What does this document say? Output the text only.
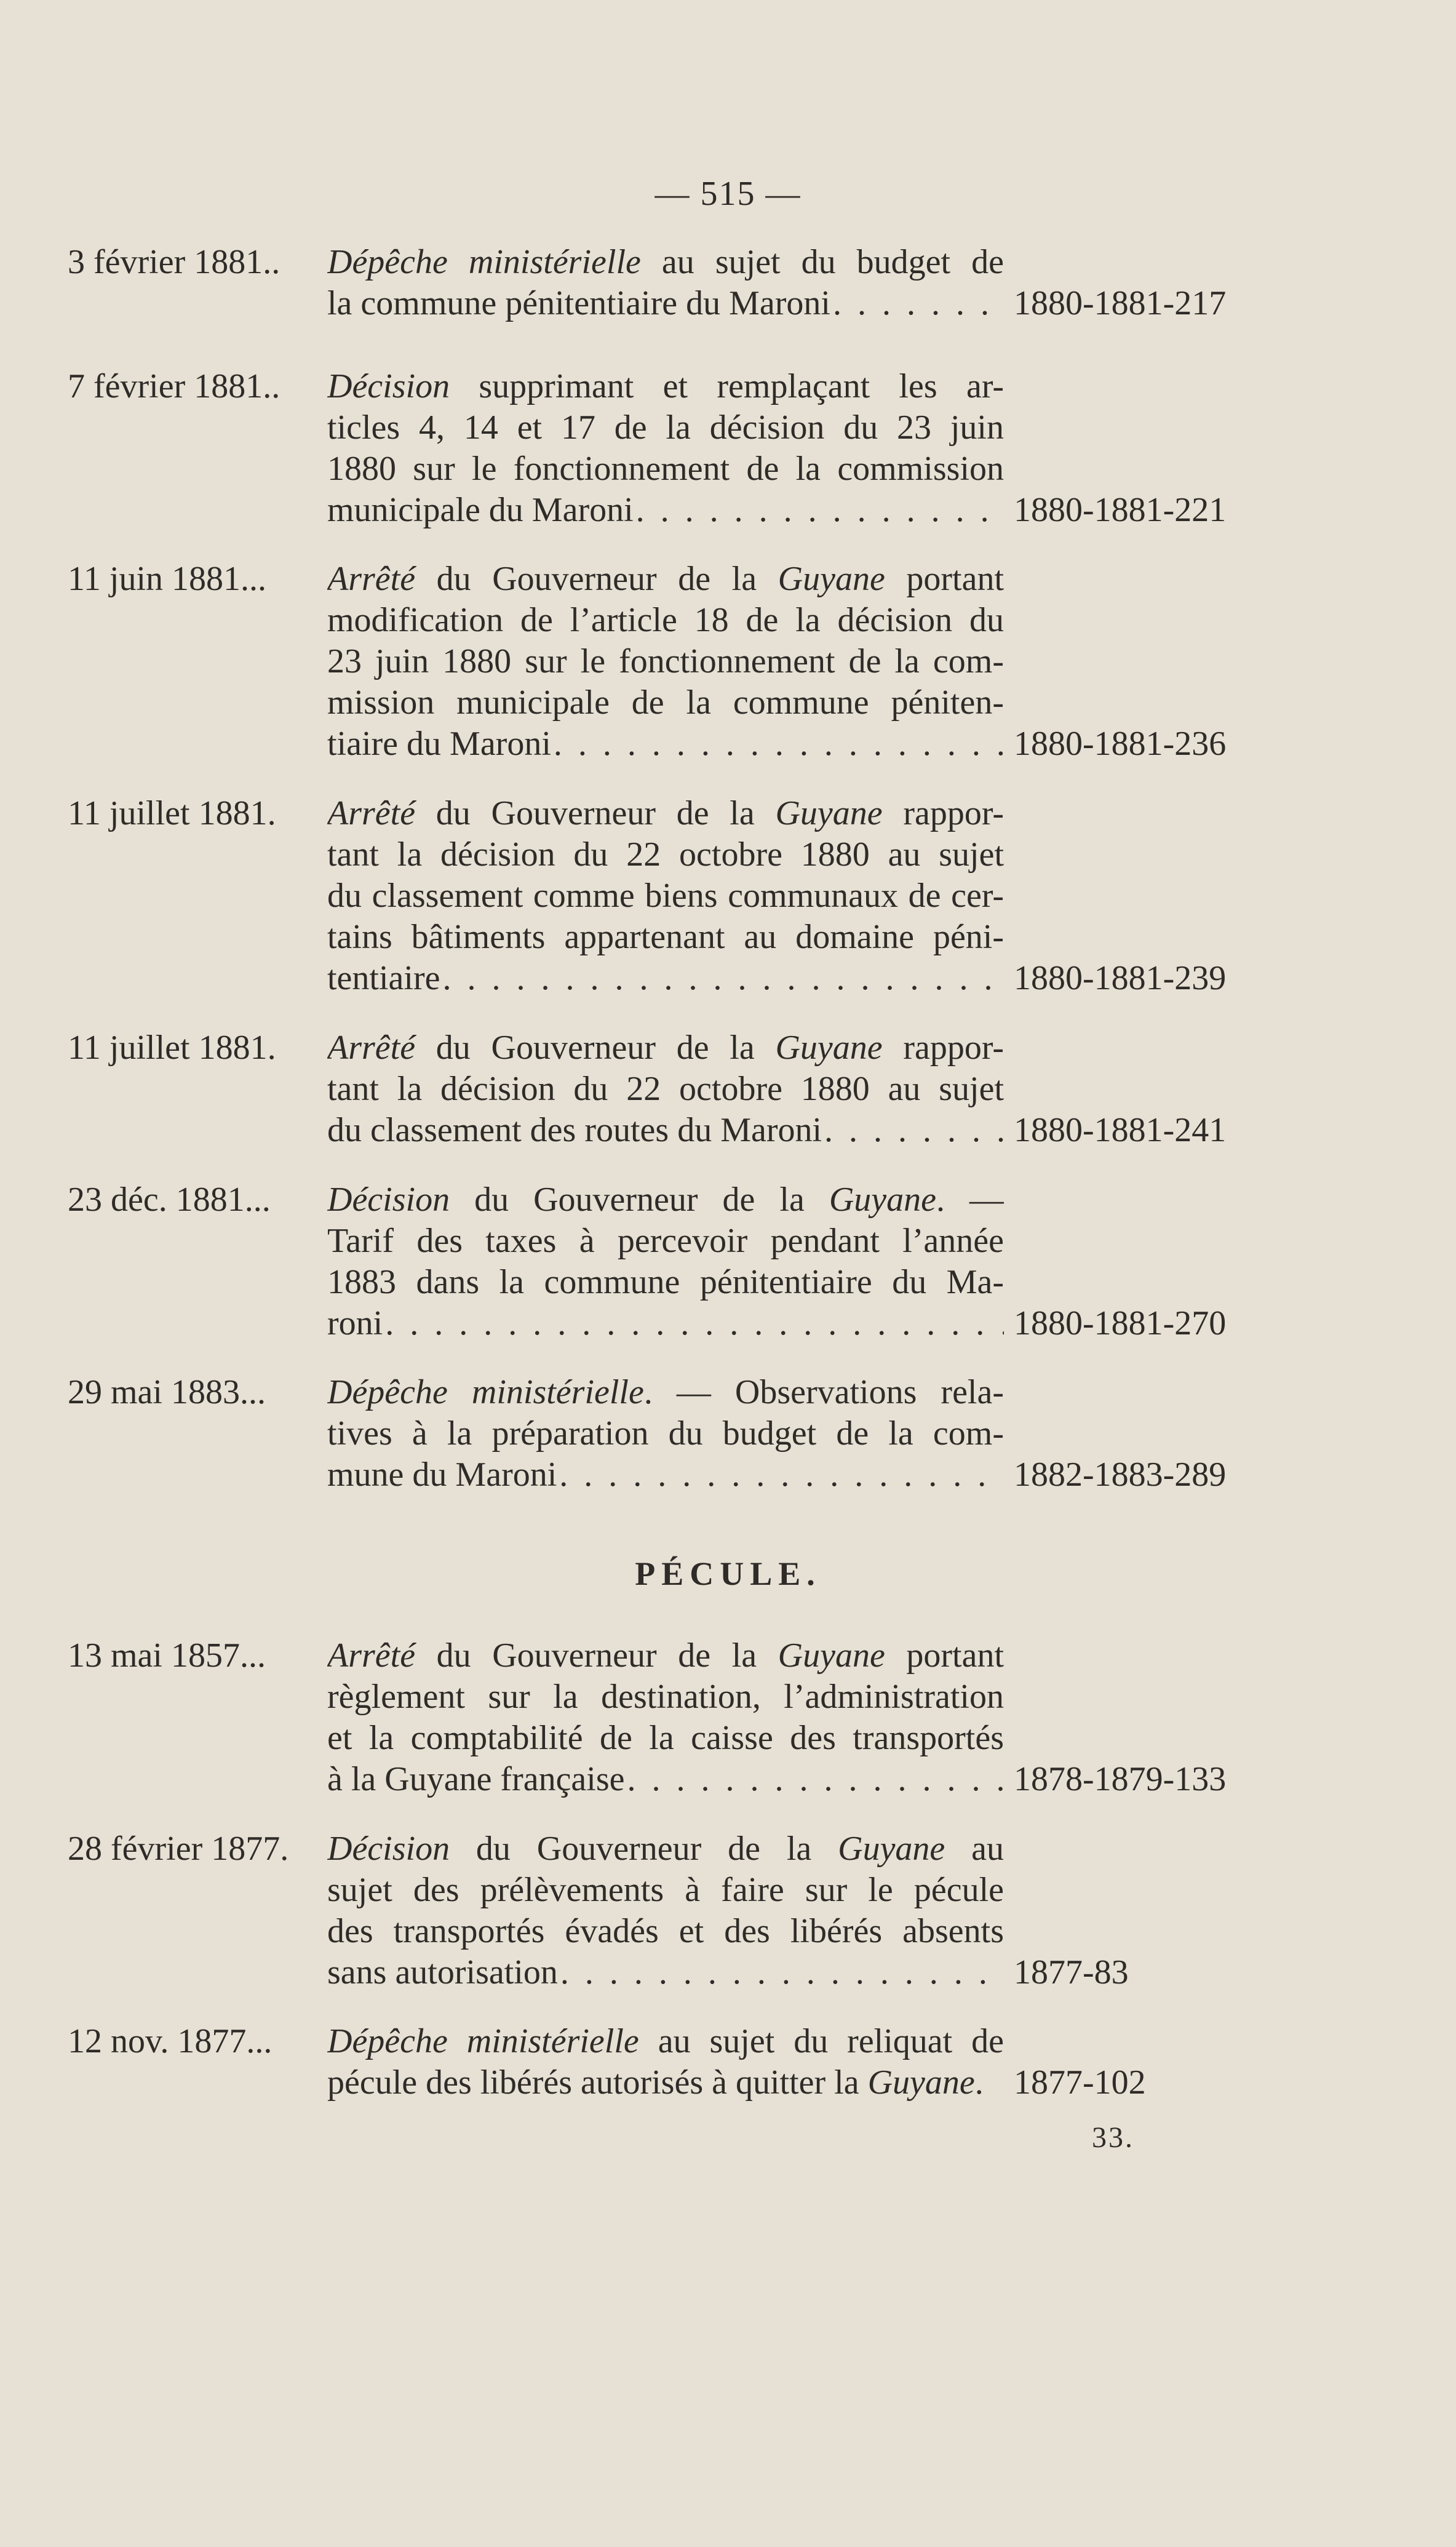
— 515 —
PÉCULE.
3 février 1881.. Dépêche ministérielle au sujet du budget de
la commune pénitentiaire du Maroni . . .	1880-1881-217
7 février 1881.. Décision supprimant et remplaçant les ar-
ticles 4, 14 et 17 de la décision du 23 juin
1880 sur le fonctionnement de la commission
municipale du Maroni . . .	1880-1881-221
11 juin 1881... Arrêté du Gouverneur de la Guyane portant
modification de l’article 18 de la décision du
23 juin 1880 sur le fonctionnement de la com-
mission municipale de la commune péniten-
tiaire du Maroni . . .	1880-1881-236
11 juillet 1881. Arrêté du Gouverneur de la Guyane rappor-
tant la décision du 22 octobre 1880 au sujet
du classement comme biens communaux de cer-
tains bâtiments appartenant au domaine péni-
tentiaire . . .	1880-1881-239
11 juillet 1881. Arrêté du Gouverneur de la Guyane rappor-
tant la décision du 22 octobre 1880 au sujet
du classement des routes du Maroni . . .	1880-1881-241
23 déc. 1881... Décision du Gouverneur de la Guyane. —
Tarif des taxes à percevoir pendant l’année
1883 dans la commune pénitentiaire du Ma-
roni . . .	1880-1881-270
29 mai 1883... Dépêche ministérielle. — Observations rela-
tives à la préparation du budget de la com-
mune du Maroni . . .	1882-1883-289
13 mai 1857... Arrêté du Gouverneur de la Guyane portant
règlement sur la destination, l’administration
et la comptabilité de la caisse des transportés
à la Guyane française . . .	1878-1879-133
28 février 1877. Décision du Gouverneur de la Guyane au
sujet des prélèvements à faire sur le pécule
des transportés évadés et des libérés absents
sans autorisation . . .	1877-83
12 nov. 1877... Dépêche ministérielle au sujet du reliquat de
pécule des libérés autorisés à quitter la Guyane. 1877-102
33.
